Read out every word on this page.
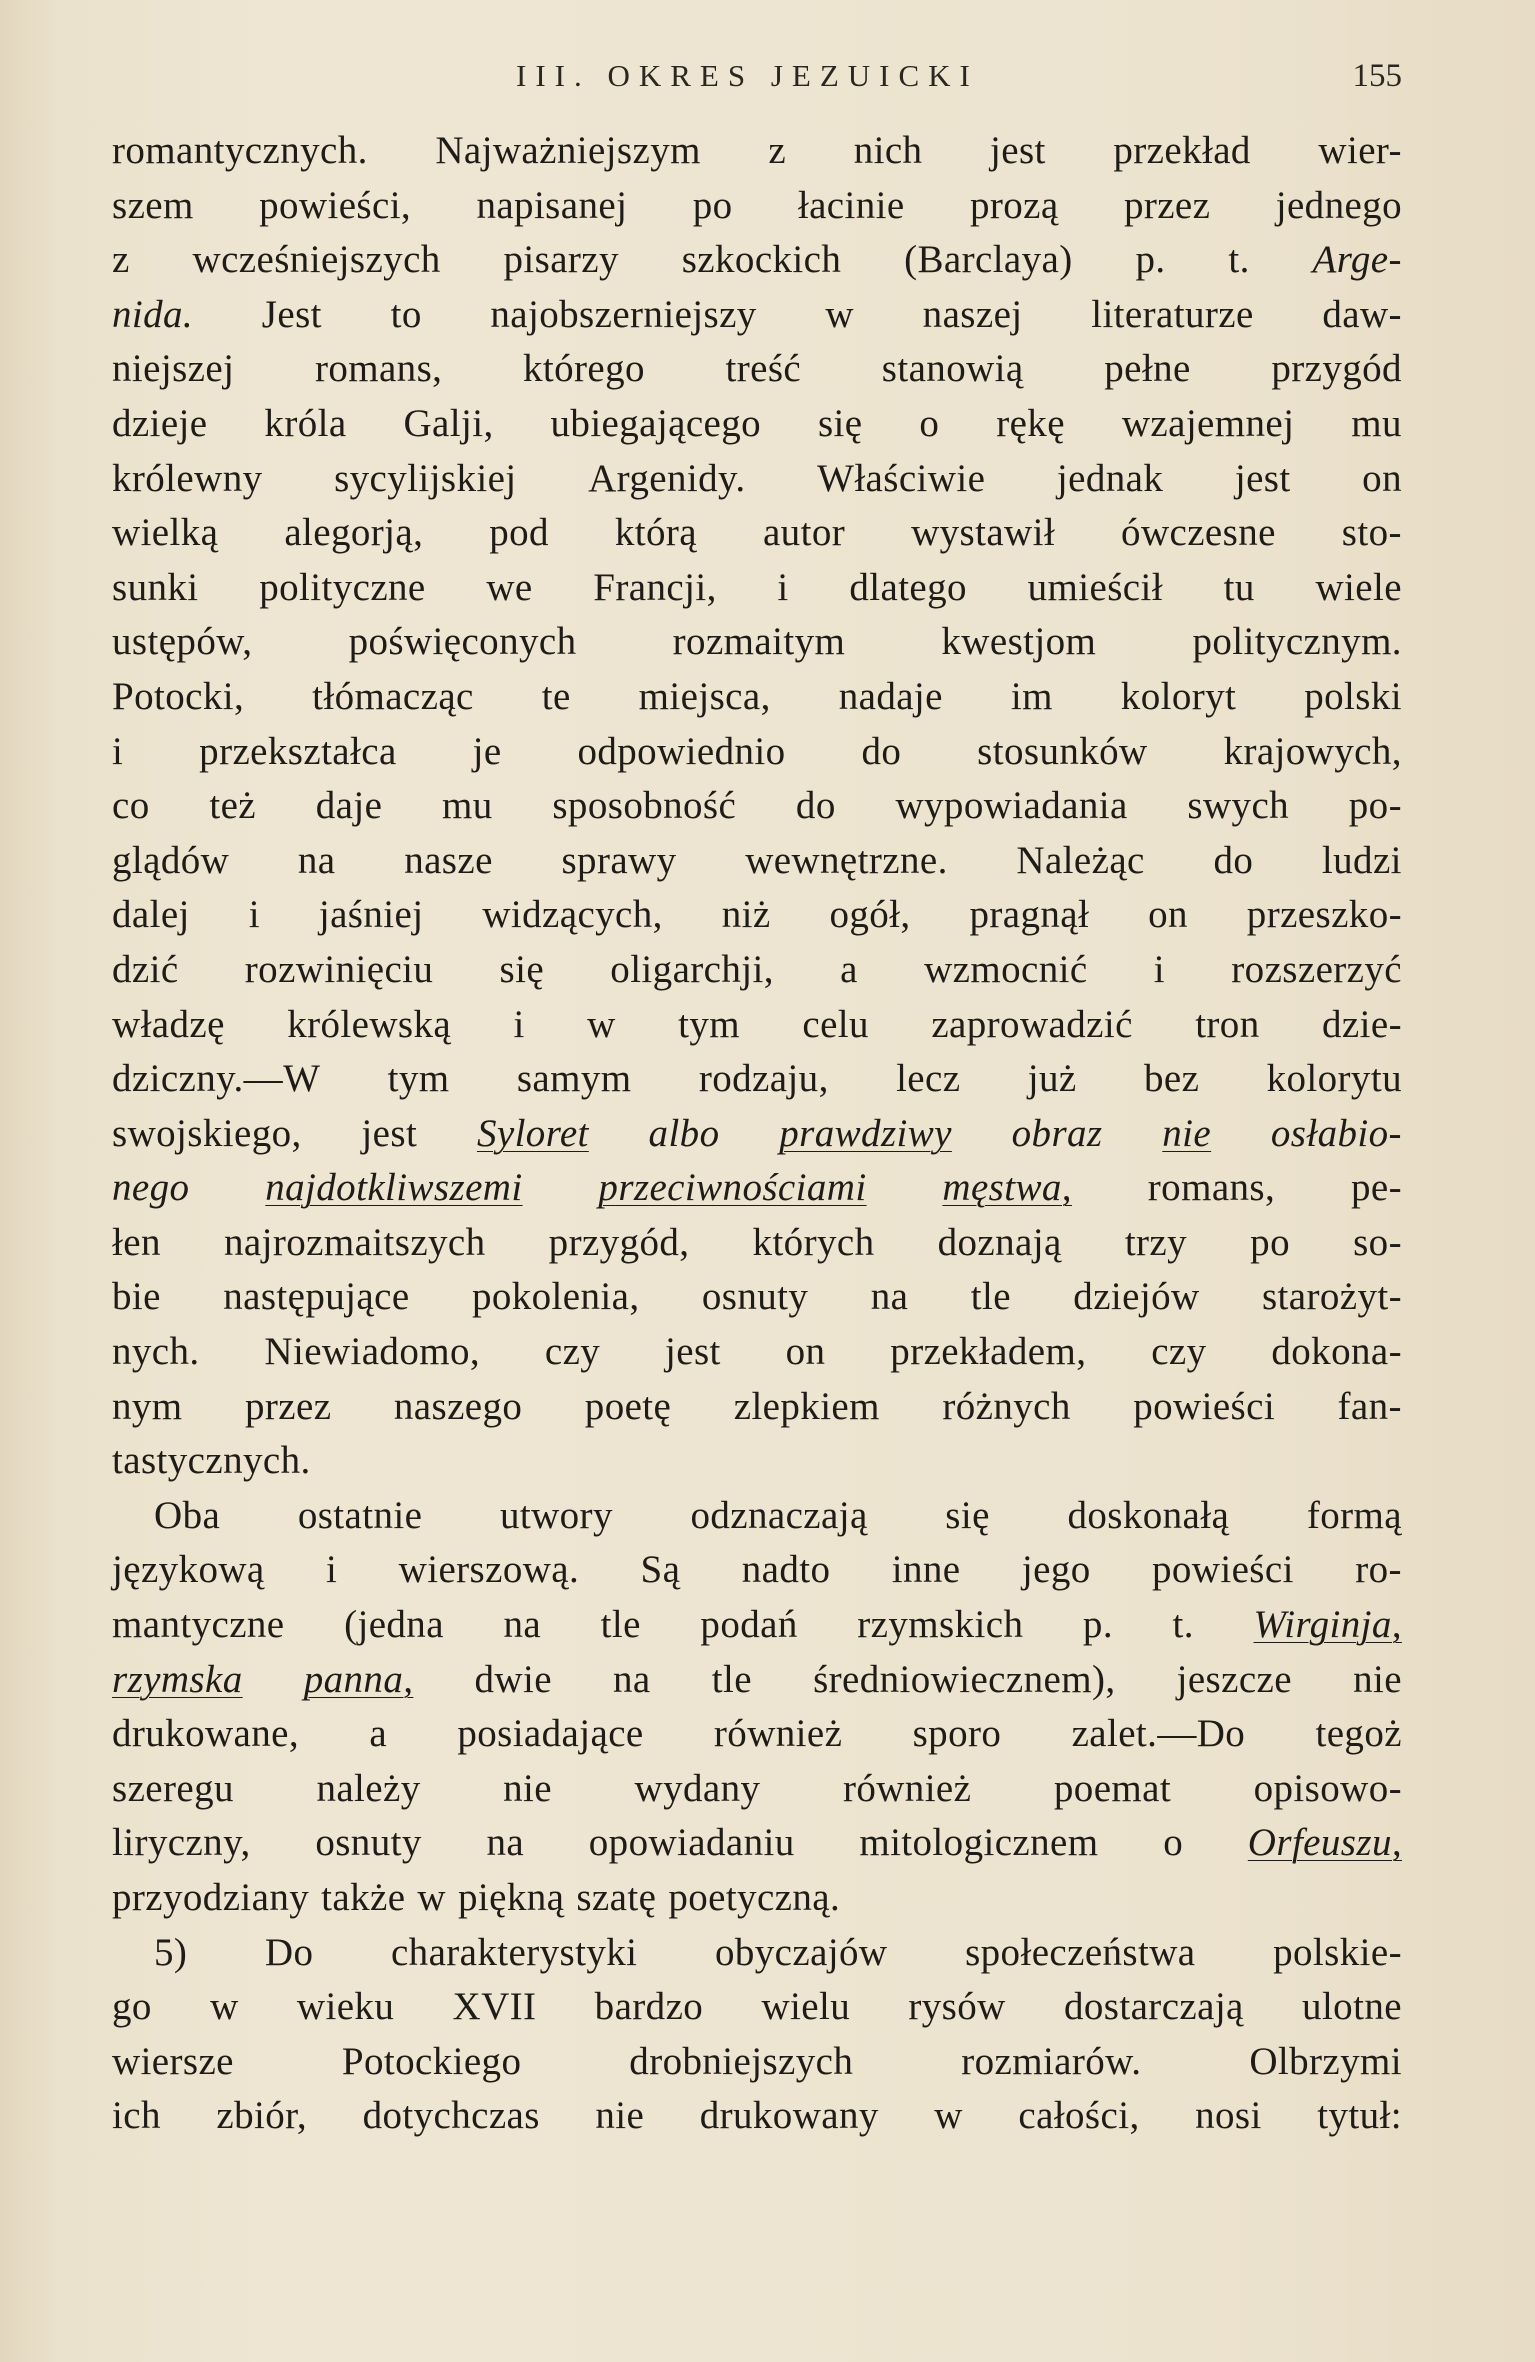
III. OKRES JEZUICKI	155
romantycznych. Najważniejszym z nich jest przekład wier-
szem powieści, napisanej po łacinie prozą przez jednego
z wcześniejszych pisarzy szkockich (Barclaya) p. t. Arge-
nida. Jest to najobszerniejszy w naszej literaturze daw-
niejszej romans, którego treść stanowią pełne przygód
dzieje króla Galji, ubiegającego się o rękę wzajemnej mu
królewny sycylijskiej Argenidy. Właściwie jednak jest on
wielką alegorją, pod którą autor wystawił ówczesne sto-
sunki polityczne we Francji, i dlatego umieścił tu wiele
ustępów, poświęconych rozmaitym kwestjom politycznym.
Potocki, tłómacząc te miejsca, nadaje im koloryt polski
i przekształca je odpowiednio do stosunków krajowych,
co też daje mu sposobność do wypowiadania swych po-
glądów na nasze sprawy wewnętrzne. Należąc do ludzi
dalej i jaśniej widzących, niż ogół, pragnął on przeszko-
dzić rozwinięciu się oligarchji, a wzmocnić i rozszerzyć
władzę królewską i w tym celu zaprowadzić tron dzie-
dziczny.—W tym samym rodzaju, lecz już bez kolorytu
swojskiego, jest Syloret albo prawdziwy obraz nie osłabio-
nego najdotkliwszemi przeciwnościami męstwa, romans, pe-
łen najrozmaitszych przygód, których doznają trzy po so-
bie następujące pokolenia, osnuty na tle dziejów starożyt-
nych. Niewiadomo, czy jest on przekładem, czy dokona-
nym przez naszego poetę zlepkiem różnych powieści fan-
tastycznych.
Oba ostatnie utwory odznaczają się doskonałą formą
językową i wierszową. Są nadto inne jego powieści ro-
mantyczne (jedna na tle podań rzymskich p. t. Wirginja,
rzymska panna, dwie na tle średniowiecznem), jeszcze nie
drukowane, a posiadające również sporo zalet.—Do tegoż
szeregu należy nie wydany również poemat opisowo-
liryczny, osnuty na opowiadaniu mitologicznem o Orfeuszu,
przyodziany także w piękną szatę poetyczną.
5) Do charakterystyki obyczajów społeczeństwa polskie-
go w wieku XVII bardzo wielu rysów dostarczają ulotne
wiersze	Potockiego	drobniejszych	rozmiarów.	Olbrzymi
ich zbiór, dotychczas nie drukowany w całości, nosi tytuł:
